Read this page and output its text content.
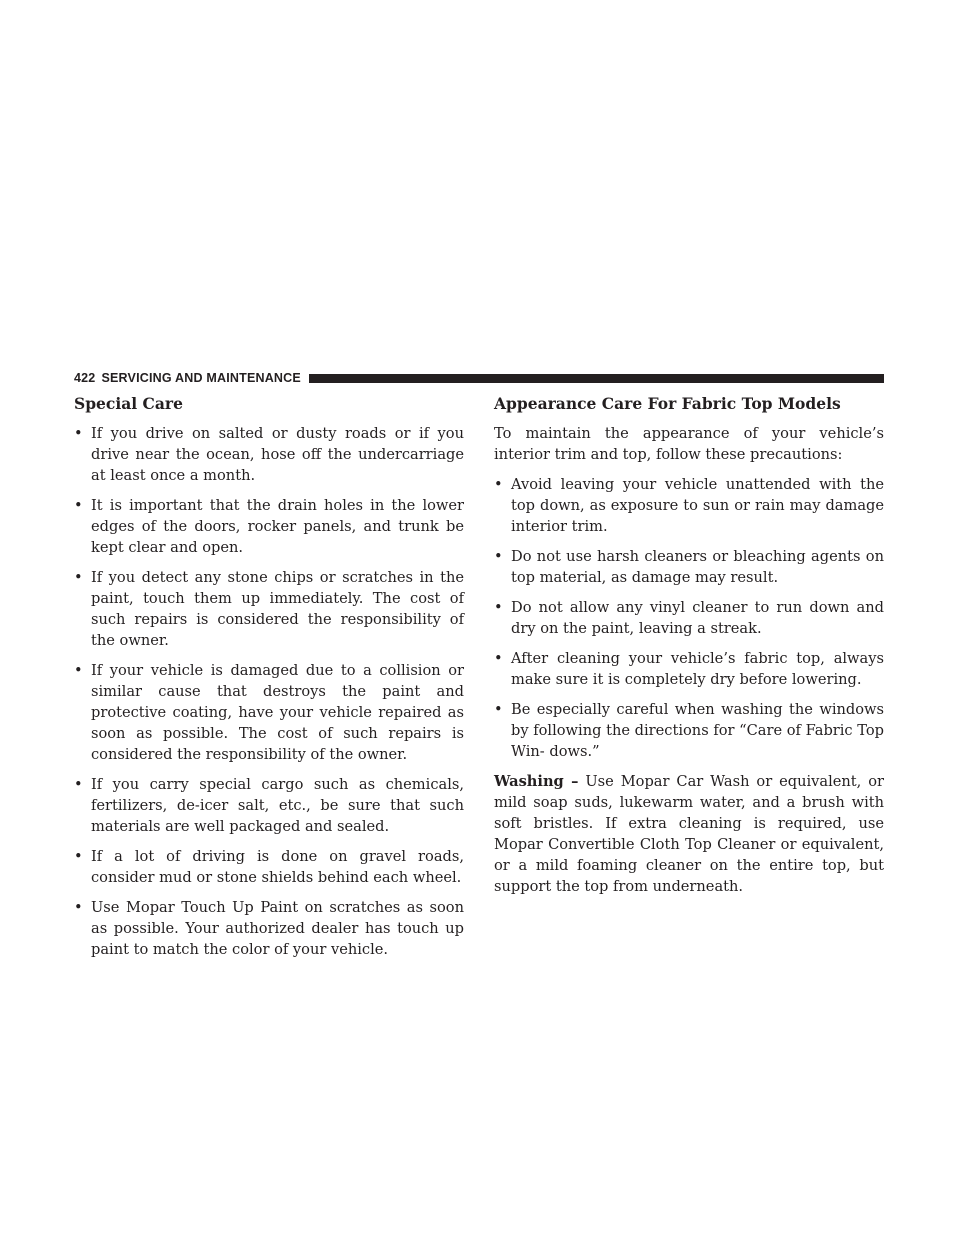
422 SERVICING AND MAINTENANCE
Special Care
• If you drive on salted or dusty roads or if you drive near the ocean, hose off the undercarriage at least once a month.
• It is important that the drain holes in the lower edges of the doors, rocker panels, and trunk be kept clear and open.
• If you detect any stone chips or scratches in the paint, touch them up immediately. The cost of such repairs is considered the responsibility of the owner.
• If your vehicle is damaged due to a collision or similar cause that destroys the paint and protective coating, have your vehicle repaired as soon as possible. The cost of such repairs is considered the responsibility of the owner.
• If you carry special cargo such as chemicals, fertilizers, de-icer salt, etc., be sure that such materials are well packaged and sealed.
• If a lot of driving is done on gravel roads, consider mud or stone shields behind each wheel.
• Use Mopar Touch Up Paint on scratches as soon as possible. Your authorized dealer has touch up paint to match the color of your vehicle.
Appearance Care For Fabric Top Models

To maintain the appearance of your vehicle’s interior trim and top, follow these precautions:

• Avoid leaving your vehicle unattended with the top down, as exposure to sun or rain may damage interior trim.
• Do not use harsh cleaners or bleaching agents on top material, as damage may result.
• Do not allow any vinyl cleaner to run down and dry on the paint, leaving a streak.
• After cleaning your vehicle’s fabric top, always make sure it is completely dry before lowering.
• Be especially careful when washing the windows by following the directions for “Care of Fabric Top Win- dows.”

Washing – Use Mopar Car Wash or equivalent, or mild soap suds, lukewarm water, and a brush with soft bristles. If extra cleaning is required, use Mopar Convertible Cloth Top Cleaner or equivalent, or a mild foaming cleaner on the entire top, but support the top from underneath.
